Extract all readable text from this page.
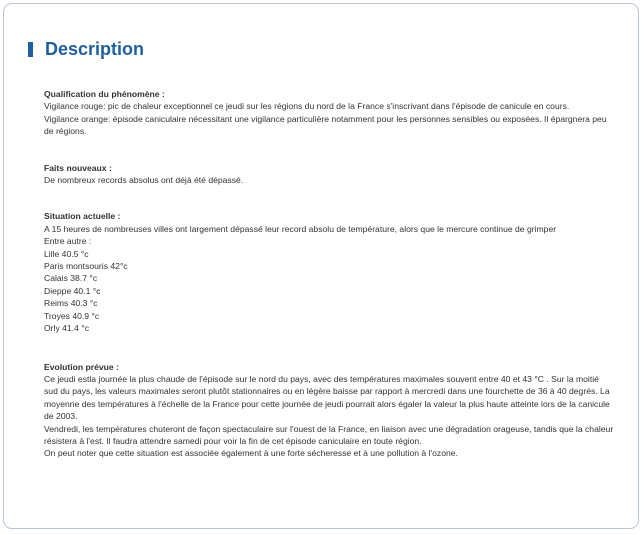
Description

Qualification du phénomène :

Vigilance rouge: pic de chaleur exceptionnel ce jeudi sur les régions du nord de la France s'inscrivant dans l'épisode de canicule en cours.

Vigilance orange: épisode caniculaire nécessitant une vigilance particulière notamment pour les personnes sensibles ou exposées. Il épargnera peu de régions.

Faits nouveaux :

De nombreux records absolus ont déjà été dépassé.

Situation actuelle :

A 15 heures de nombreuses villes ont largement dépassé leur record absolu de température, alors que le mercure continue de grimper

Entre autre :

Lille 40.5 °c

Paris montsouris 42°c

Calais 38.7 °c

Dieppe 40.1 °c

Reims 40.3 °c

Troyes 40.9 °c

Orly 41.4 °c

Evolution prévue :

Ce jeudi estla journée la plus chaude de l'épisode sur le nord du pays, avec des températures maximales souvent entre 40 et 43 °C . Sur la moitié sud du pays, les valeurs maximales seront plutôt stationnaires ou en légère baisse par rapport à mercredi dans une fourchette de 36 à 40 degrés. La moyenne des températures à l'échelle de la France pour cette journée de jeudi pourrait alors égaler la valeur la plus haute atteinte lors de la canicule de 2003.

Vendredi, les températures chuteront de façon spectaculaire sur l'ouest de la France, en liaison avec une dégradation orageuse, tandis que la chaleur résistera à l'est. Il faudra attendre samedi pour voir la fin de cet épisode caniculaire en toute région.

On peut noter que cette situation est associée également à une forte sécheresse et à une pollution à l'ozone.
